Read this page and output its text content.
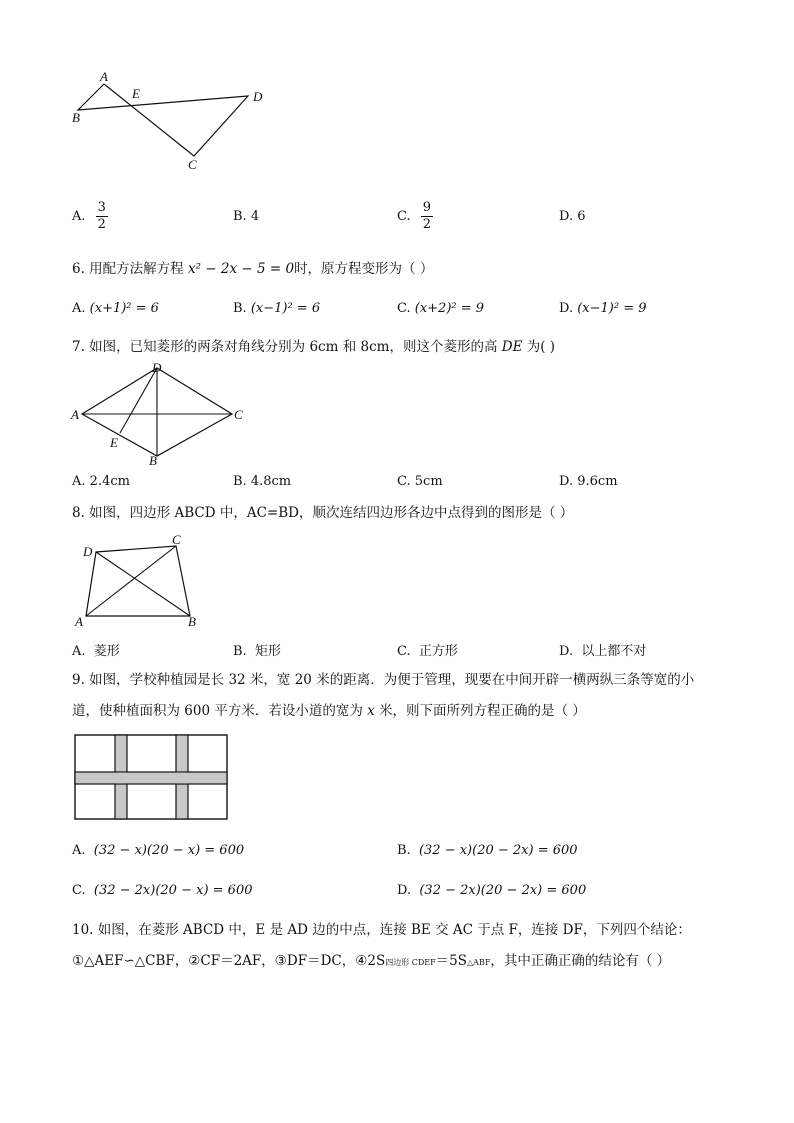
A
B
E	D
C
A. $\frac{3}{2}$	B. 4	C. $\frac{9}{2}$	D. 6
6. 用配方法解方程 x² − 2x − 5 = 0时，原方程变形为（ ）
A. (x+1)² = 6	B. (x−1)² = 6	C. (x+2)² = 9	D. (x−1)² = 9
7. 如图，已知菱形的两条对角线分别为 6cm 和 8cm，则这个菱形的高 DE 为( )
D
A	C
E
B
A. 2.4cm	B. 4.8cm	C. 5cm	D. 9.6cm
8. 如图，四边形 ABCD 中，AC=BD，顺次连结四边形各边中点得到的图形是（ ）
D
C
A	B
A. 菱形	B. 矩形	C. 正方形	D. 以上都不对
9. 如图，学校种植园是长 32 米，宽 20 米的距离．为便于管理，现要在中间开辟一横两纵三条等宽的小
道，使种植面积为 600 平方米．若设小道的宽为 x 米，则下面所列方程正确的是（ ）
A. (32 − x)(20 − x) = 600	B. (32 − x)(20 − 2x) = 600
C. (32 − 2x)(20 − x) = 600	D. (32 − 2x)(20 − 2x) = 600
10. 如图，在菱形 ABCD 中，E 是 AD 边的中点，连接 BE 交 AC 于点 F，连接 DF，下列四个结论：
①△AEF∽△CBF，②CF＝2AF，③DF＝DC，④2S四边形 CDEF＝5S△ABF，其中正确正确的结论有（ ）
